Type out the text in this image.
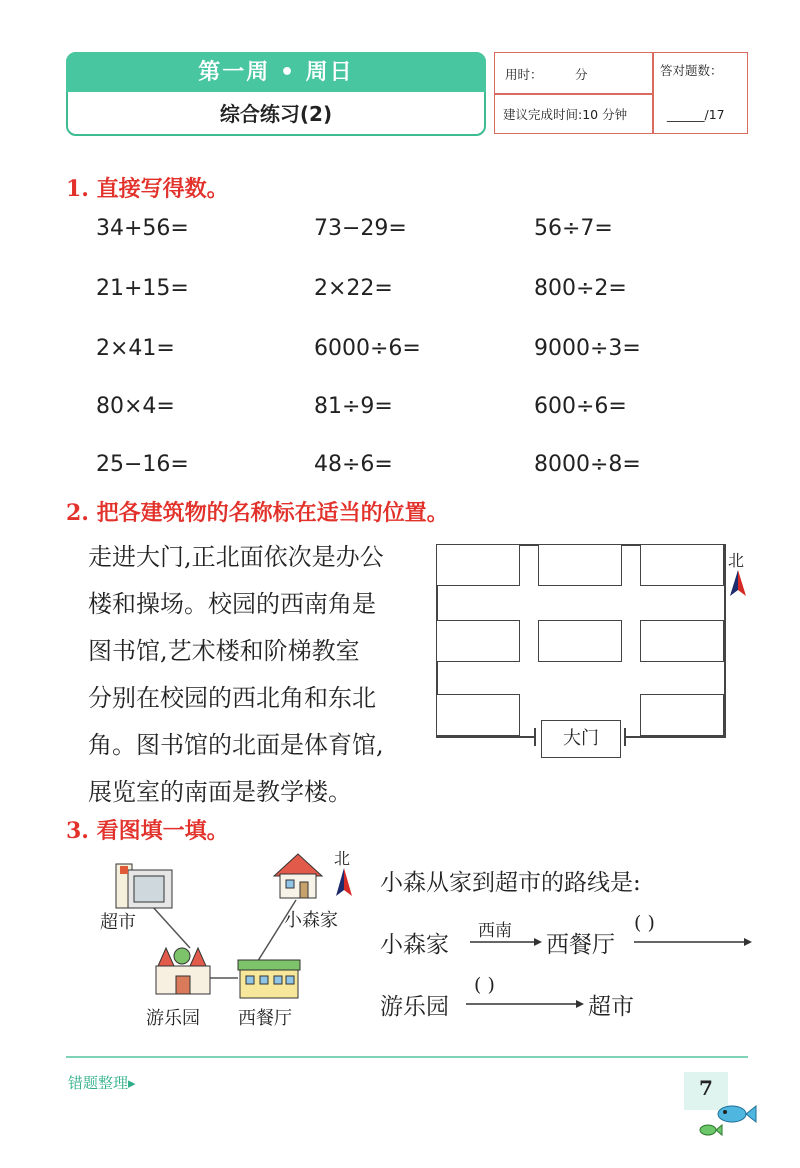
第一周 • 周日
综合练习(2)
用时：	分
建议完成时间:10 分钟
答对题数：
______/17
1. 直接写得数。
34+56=	73−29=	56÷7=
21+15=	2×22=	800÷2=
2×41=	6000÷6=	9000÷3=
80×4=	81÷9=	600÷6=
25−16=	48÷6=	8000÷8=
2. 把各建筑物的名称标在适当的位置。
走进大门,正北面依次是办公
楼和操场。校园的西南角是
图书馆,艺术楼和阶梯教室
分别在校园的西北角和东北
角。图书馆的北面是体育馆,
展览室的南面是教学楼。
大门
北
3. 看图填一填。
超市	小森家
北
游乐园 西餐厅
小森从家到超市的路线是:
小森家
西南
西餐厅
( )
游乐园
( )
超市
错题整理▸	7
